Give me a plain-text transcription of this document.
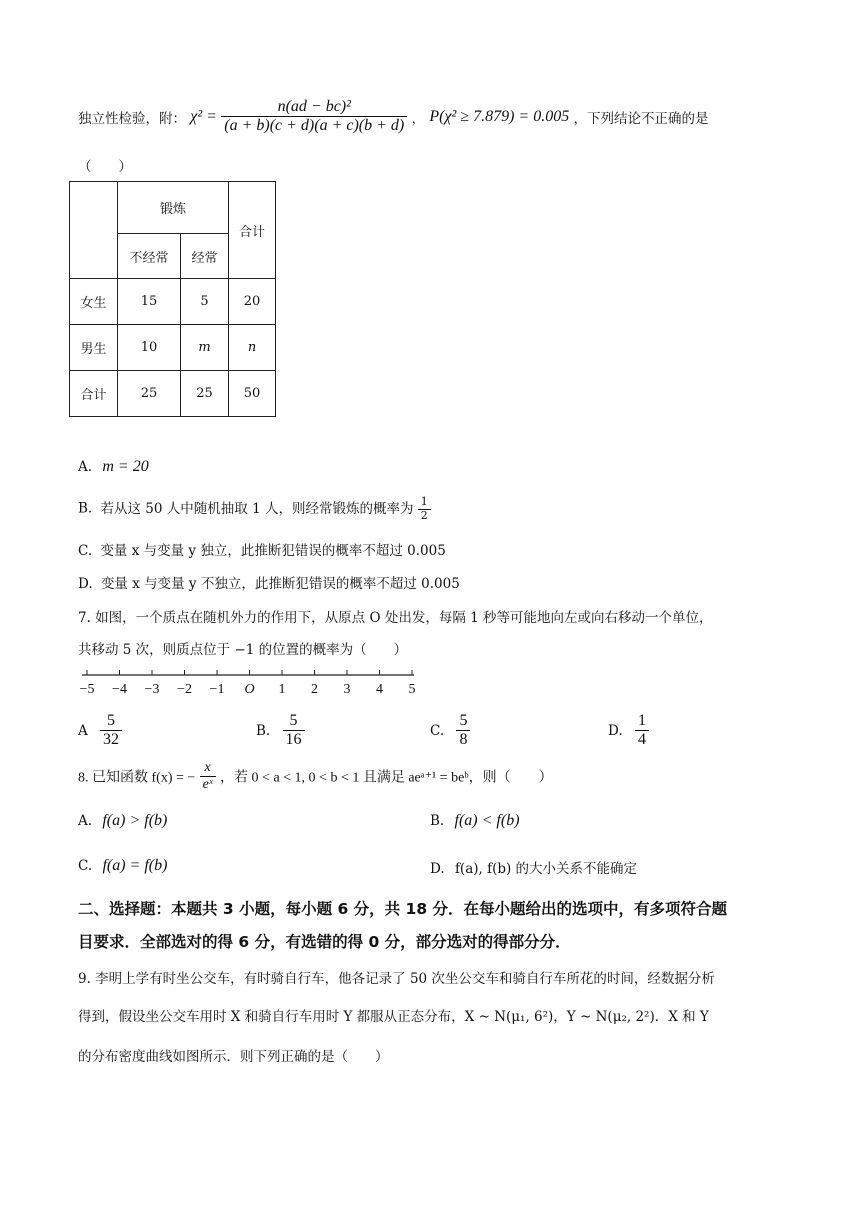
独立性检验，附： $\chi^2 = \frac{\text{n(ad − bc)²}}{(a + b)(c + d)(a + c)(b + d)}$ ， P(χ² ≥ 7.879) = 0.005 ，下列结论不正确的是
（　　）
	锻炼		合计
	不经常	经常	
女生	15	5	20
男生	10	m	n
合计	25	25	50
A. m = 20
B. 若从这 50 人中随机抽取 1 人，则经常锻炼的概率为 $\frac{1}{2}$
C. 变量 x 与变量 y 独立，此推断犯错误的概率不超过 0.005
D. 变量 x 与变量 y 不独立，此推断犯错误的概率不超过 0.005
7. 如图，一个质点在随机外力的作用下，从原点 O 处出发，每隔 1 秒等可能地向左或向右移动一个单位，
共移动 5 次，则质点位于 −1 的位置的概率为（　　）
−5 −4 −3 −2 −1 O 1 2 3 4 5
A $\frac{5}{32}$	B. $\frac{5}{16}$	C. $\frac{5}{8}$	D. $\frac{1}{4}$
8. 已知函数 f(x) = − $\frac{x}{\text{eˣ}}$ ，若 0 < a < 1, 0 < b < 1 且满足 aeᵃ⁺¹ = beᵇ，则（　　）
A. f(a) > f(b)	B. f(a) < f(b)
C. f(a) = f(b)	D. f(a), f(b) 的大小关系不能确定
二、选择题：本题共 3 小题，每小题 6 分，共 18 分．在每小题给出的选项中，有多项符合题
目要求．全部选对的得 6 分，有选错的得 0 分，部分选对的得部分分．
9. 李明上学有时坐公交车，有时骑自行车，他各记录了 50 次坐公交车和骑自行车所花的时间，经数据分析
得到，假设坐公交车用时 X 和骑自行车用时 Y 都服从正态分布，X ~ N(μ₁, 6²)，Y ~ N(μ₂, 2²)．X 和 Y
的分布密度曲线如图所示．则下列正确的是（　　）
